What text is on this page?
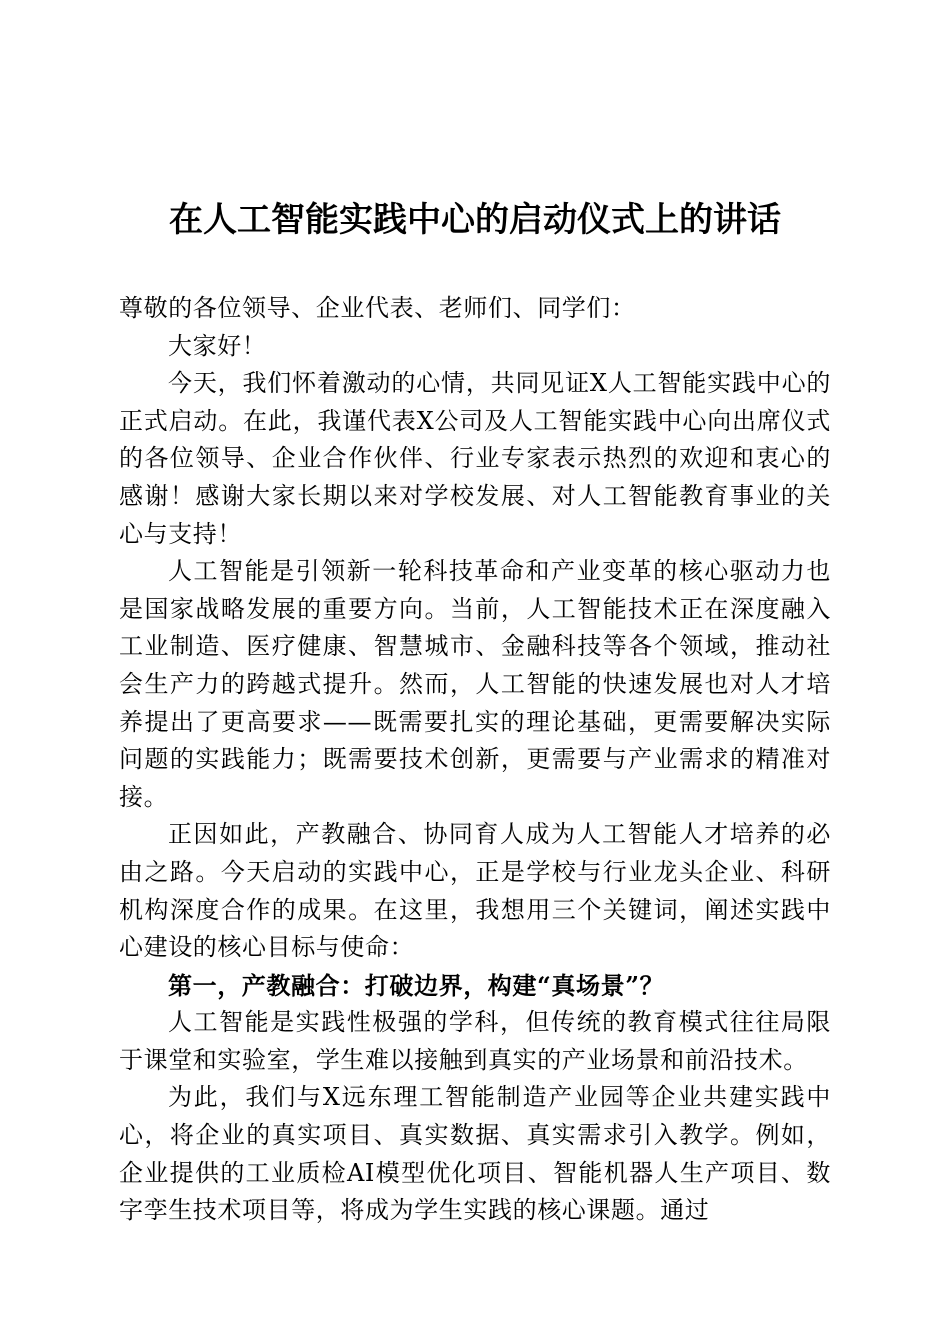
在人工智能实践中心的启动仪式上的讲话

尊敬的各位领导、企业代表、老师们、同学们：

大家好！

今天，我们怀着激动的心情，共同见证X人工智能实践中心的正式启动。在此，我谨代表X公司及人工智能实践中心向出席仪式的各位领导、企业合作伙伴、行业专家表示热烈的欢迎和衷心的感谢！感谢大家长期以来对学校发展、对人工智能教育事业的关心与支持！

人工智能是引领新一轮科技革命和产业变革的核心驱动力也是国家战略发展的重要方向。当前，人工智能技术正在深度融入工业制造、医疗健康、智慧城市、金融科技等各个领域，推动社会生产力的跨越式提升。然而，人工智能的快速发展也对人才培养提出了更高要求——既需要扎实的理论基础，更需要解决实际问题的实践能力；既需要技术创新，更需要与产业需求的精准对接。

正因如此，产教融合、协同育人成为人工智能人才培养的必由之路。今天启动的实践中心，正是学校与行业龙头企业、科研机构深度合作的成果。在这里，我想用三个关键词，阐述实践中心建设的核心目标与使命：

第一，产教融合：打破边界，构建“真场景”？

人工智能是实践性极强的学科，但传统的教育模式往往局限于课堂和实验室，学生难以接触到真实的产业场景和前沿技术。

为此，我们与X远东理工智能制造产业园等企业共建实践中心，将企业的真实项目、真实数据、真实需求引入教学。例如，企业提供的工业质检AI模型优化项目、智能机器人生产项目、数字孪生技术项目等，将成为学生实践的核心课题。通过
